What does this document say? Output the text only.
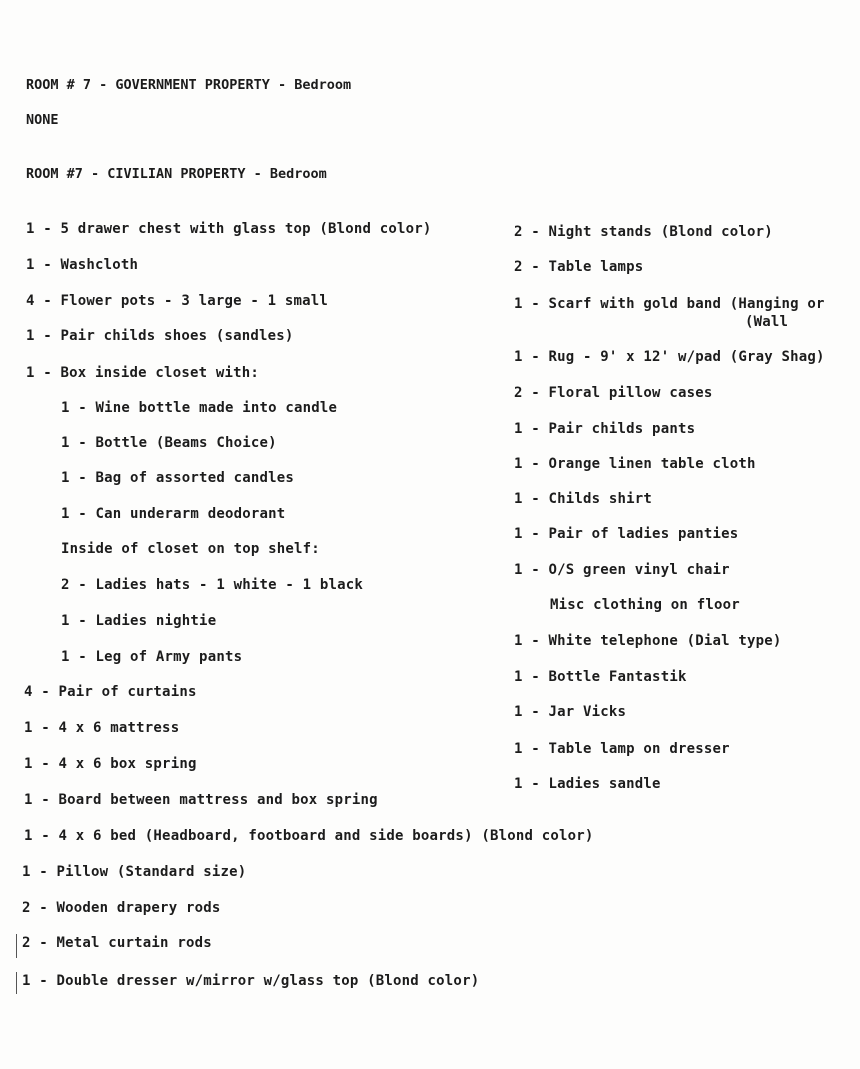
ROOM # 7 - GOVERNMENT PROPERTY - Bedroom
NONE
ROOM #7 - CIVILIAN PROPERTY - Bedroom
1 - 5 drawer chest with glass top (Blond color)
1 - Washcloth
4 - Flower pots - 3 large - 1 small
1 - Pair childs shoes (sandles)
1 - Box inside closet with:
1 - Wine bottle made into candle
1 - Bottle (Beams Choice)
1 - Bag of assorted candles
1 - Can underarm deodorant
Inside of closet on top shelf:
2 - Ladies hats - 1 white - 1 black
1 - Ladies nightie
1 - Leg of Army pants
4 - Pair of curtains
1 - 4 x 6 mattress
1 - 4 x 6 box spring
1 - Board between mattress and box spring
1 - 4 x 6 bed (Headboard, footboard and side boards) (Blond color)
1 - Pillow (Standard size)
2 - Wooden drapery rods
2 - Metal curtain rods
1 - Double dresser w/mirror w/glass top (Blond color)
2 - Night stands (Blond color)
2 - Table lamps
1 - Scarf with gold band (Hanging or
(Wall
1 - Rug - 9' x 12' w/pad (Gray Shag)
2 - Floral pillow cases
1 - Pair childs pants
1 - Orange linen table cloth
1 - Childs shirt
1 - Pair of ladies panties
1 - O/S green vinyl chair
Misc clothing on floor
1 - White telephone (Dial type)
1 - Bottle Fantastik
1 - Jar Vicks
1 - Table lamp on dresser
1 - Ladies sandle
